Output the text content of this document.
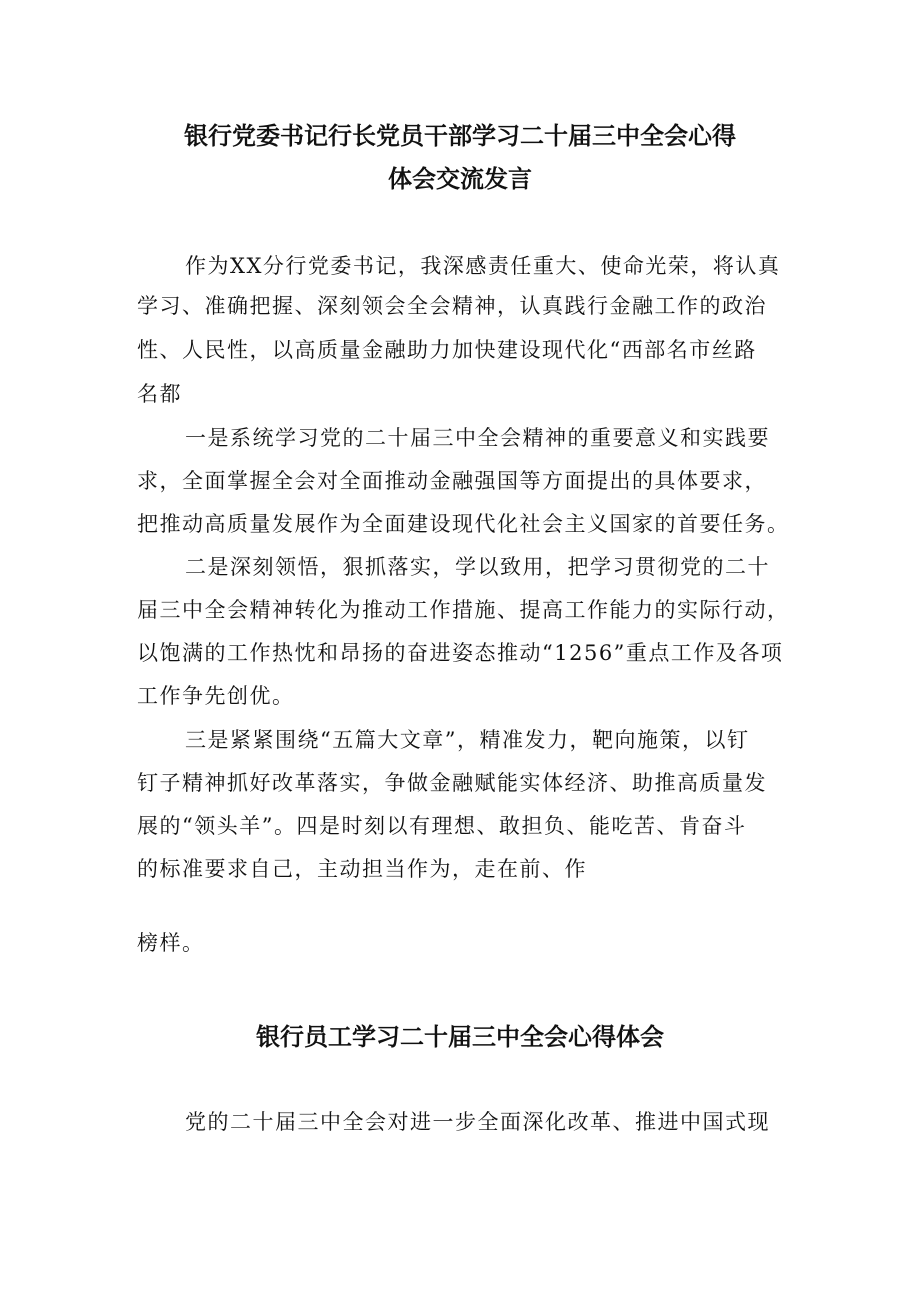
银行党委书记行长党员干部学习二十届三中全会心得
体会交流发言
作为XX分行党委书记，我深感责任重大、使命光荣，将认真
学习、准确把握、深刻领会全会精神，认真践行金融工作的政治
性、人民性，以高质量金融助力加快建设现代化“西部名市丝路
名都
一是系统学习党的二十届三中全会精神的重要意义和实践要
求，全面掌握全会对全面推动金融强国等方面提出的具体要求，
把推动高质量发展作为全面建设现代化社会主义国家的首要任务。
二是深刻领悟，狠抓落实，学以致用，把学习贯彻党的二十
届三中全会精神转化为推动工作措施、提高工作能力的实际行动，
以饱满的工作热忱和昂扬的奋进姿态推动“1256”重点工作及各项
工作争先创优。
三是紧紧围绕“五篇大文章”，精准发力，靶向施策，以钉
钉子精神抓好改革落实，争做金融赋能实体经济、助推高质量发
展的“领头羊”。四是时刻以有理想、敢担负、能吃苦、肯奋斗
的标准要求自己，主动担当作为，走在前、作
榜样。
银行员工学习二十届三中全会心得体会
党的二十届三中全会对进一步全面深化改革、推进中国式现
